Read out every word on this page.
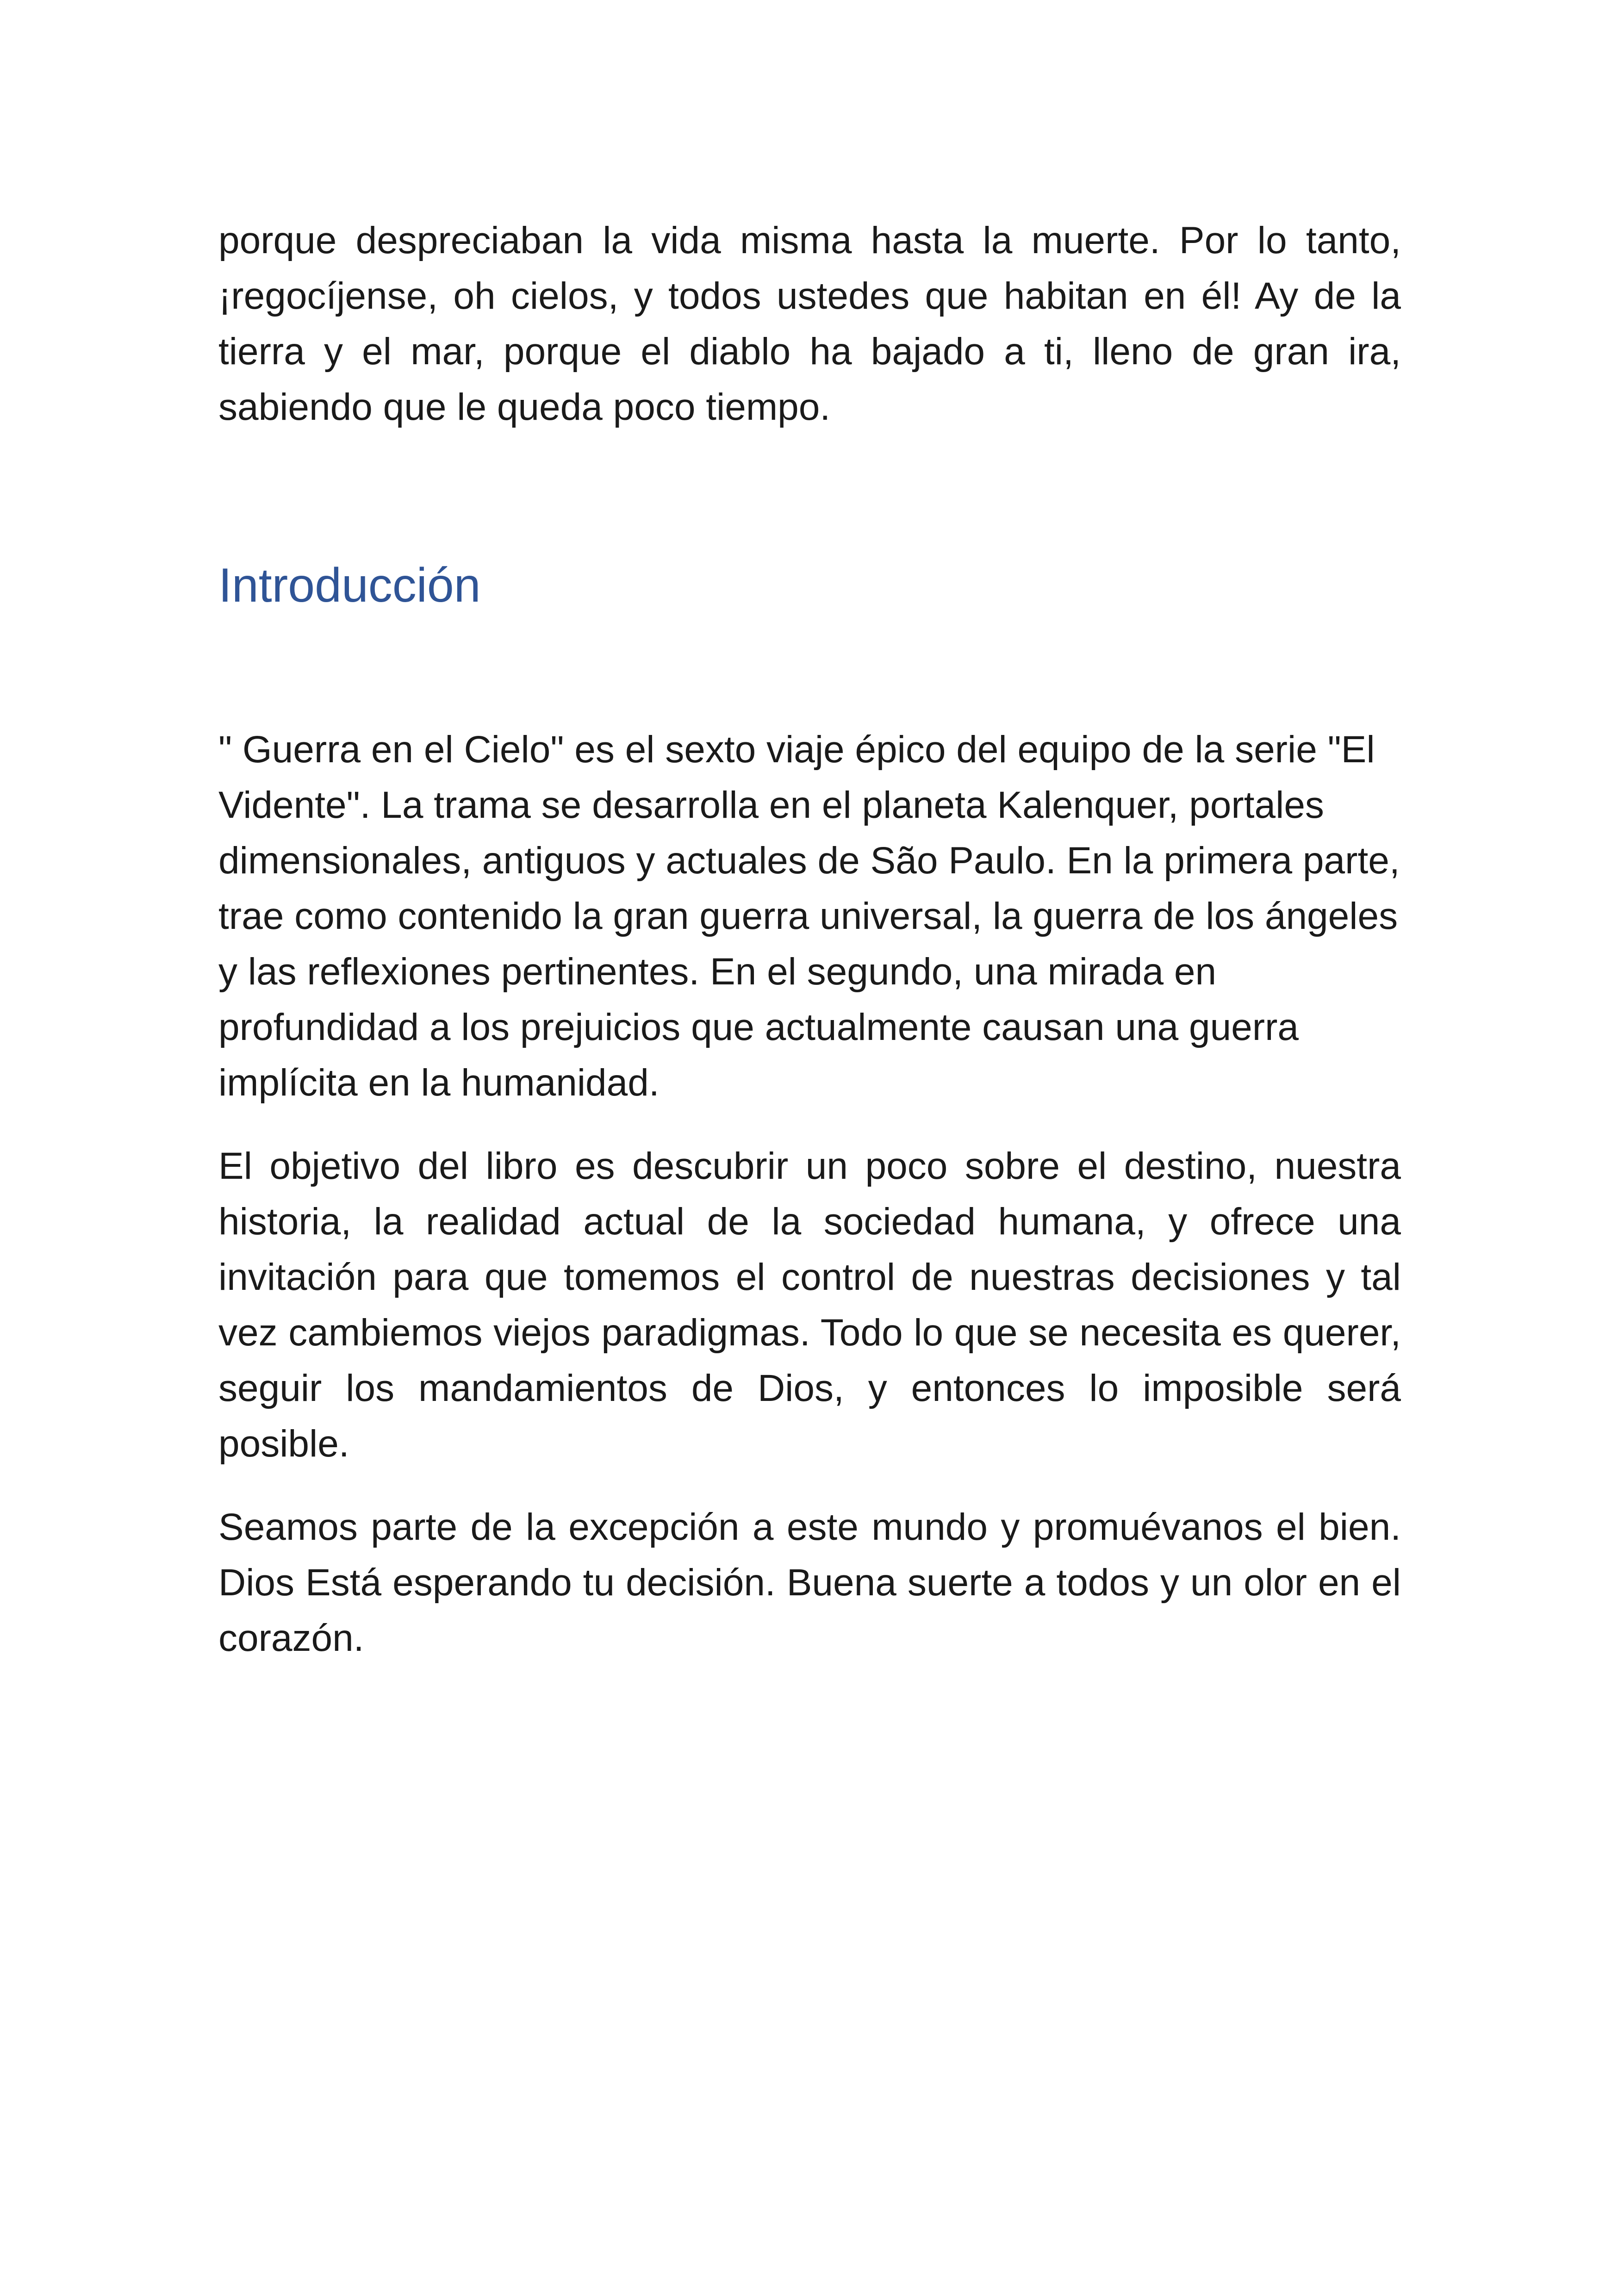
porque despreciaban la vida misma hasta la muerte. Por lo tanto, ¡regocíjense, oh cielos, y todos ustedes que habitan en él! Ay de la tierra y el mar, porque el diablo ha bajado a ti, lleno de gran ira, sabiendo que le queda poco tiempo.

Introducción

" Guerra en el Cielo" es el sexto viaje épico del equipo de la serie "El Vidente". La trama se desarrolla en el planeta Kalenquer, portales dimensionales, antiguos y actuales de São Paulo. En la primera parte, trae como contenido la gran guerra universal, la guerra de los ángeles y las reflexiones pertinentes. En el segundo, una mirada en profundidad a los prejuicios que actualmente causan una guerra implícita en la humanidad.

El objetivo del libro es descubrir un poco sobre el destino, nuestra historia, la realidad actual de la sociedad humana, y ofrece una invitación para que tomemos el control de nuestras decisiones y tal vez cambiemos viejos paradigmas. Todo lo que se necesita es querer, seguir los mandamientos de Dios, y entonces lo imposible será posible.

Seamos parte de la excepción a este mundo y promuévanos el bien. Dios Está esperando tu decisión. Buena suerte a todos y un olor en el corazón.
